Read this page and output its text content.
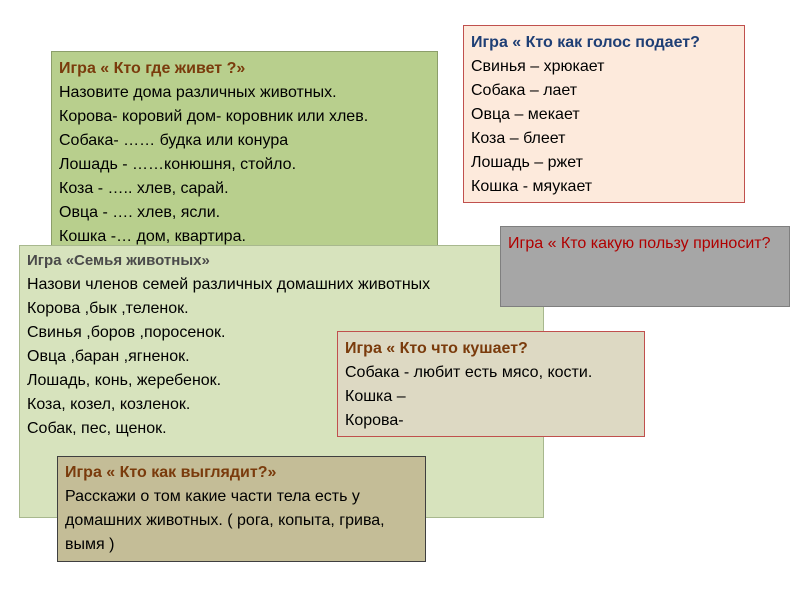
Игра « Кто где живет ?»
Назовите дома различных животных.
Корова- коровий дом- коровник или хлев.
Собака- …… будка или конура
Лошадь - ……конюшня, стойло.
Коза - ….. хлев, сарай.
Овца - …. хлев, ясли.
Кошка -… дом, квартира.
Игра « Кто как голос подает?
Свинья – хрюкает
Собака – лает
Овца – мекает
Коза – блеет
Лошадь – ржет
Кошка - мяукает
Игра «Семья животных»
Назови членов семей различных домашних животных
Корова ,бык ,теленок.
Свинья ,боров ,поросенок.
Овца ,баран ,ягненок.
Лошадь, конь, жеребенок.
Коза, козел, козленок.
Собак, пес, щенок.
Игра « Кто какую пользу приносит?
Игра « Кто что кушает?
Собака - любит есть мясо, кости.
Кошка –
Корова-
Игра « Кто как выглядит?»
Расскажи о том какие части тела есть у домашних животных. ( рога, копыта, грива, вымя )
